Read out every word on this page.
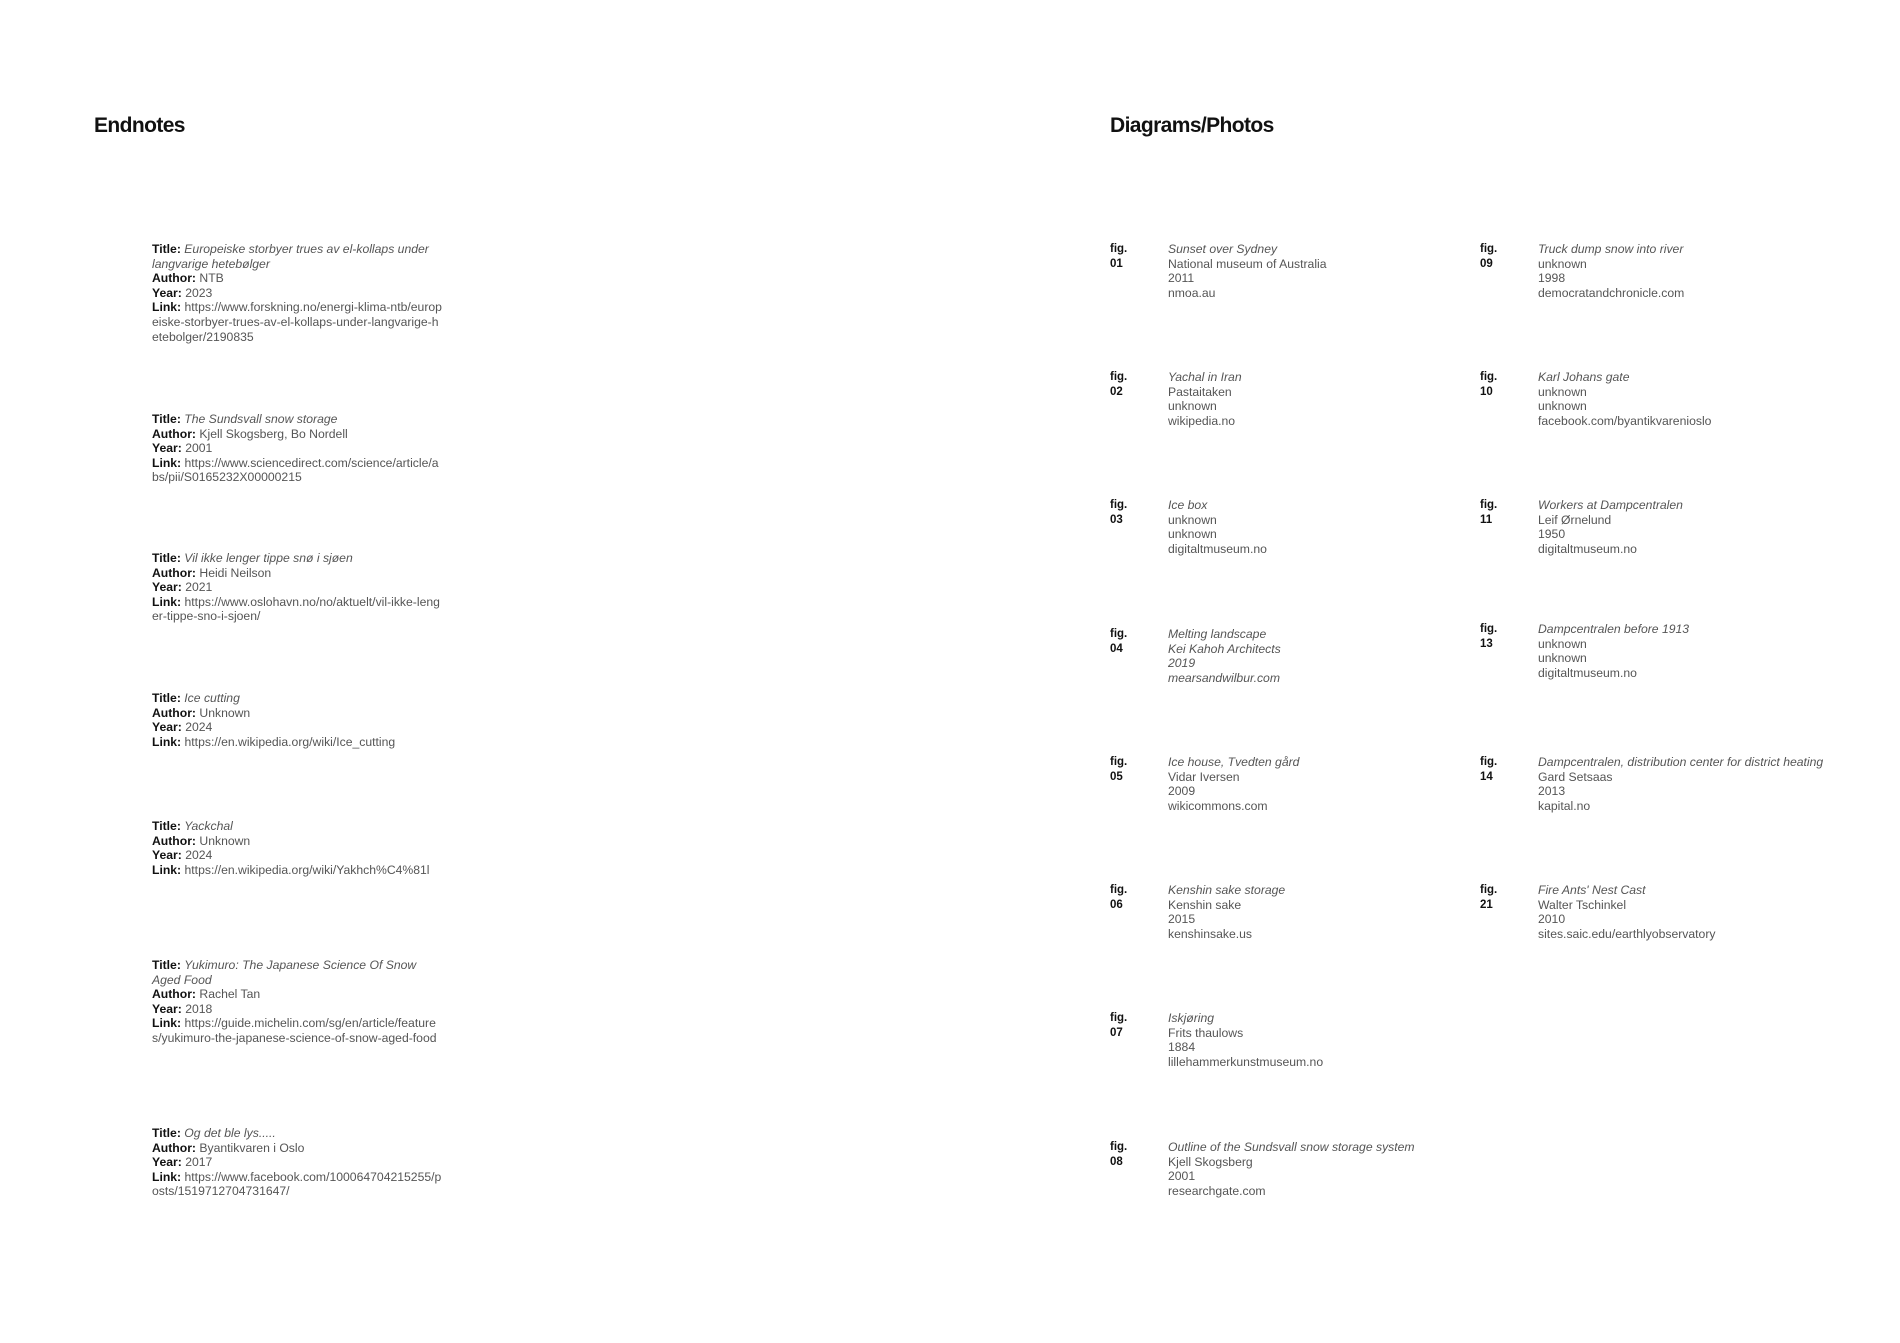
Endnotes	Diagrams/Photos
Title: Europeiske storbyer trues av el-kollaps under langvarige hetebølger
Author: NTB
Year: 2023
Link: https://www.forskning.no/energi-klima-ntb/europeiske-storbyer-trues-av-el-kollaps-under-langvarige-hetebolger/2190835
Title: The Sundsvall snow storage
Author: Kjell Skogsberg, Bo Nordell
Year: 2001
Link: https://www.sciencedirect.com/science/article/abs/pii/S0165232X00000215
Title: Vil ikke lenger tippe snø i sjøen
Author: Heidi Neilson
Year: 2021
Link: https://www.oslohavn.no/no/aktuelt/vil-ikke-lenger-tippe-sno-i-sjoen/
Title: Ice cutting
Author: Unknown
Year: 2024
Link: https://en.wikipedia.org/wiki/Ice_cutting
Title: Yackchal
Author: Unknown
Year: 2024
Link: https://en.wikipedia.org/wiki/Yakhch%C4%81l
Title: Yukimuro: The Japanese Science Of Snow Aged Food
Author: Rachel Tan
Year: 2018
Link: https://guide.michelin.com/sg/en/article/features/yukimuro-the-japanese-science-of-snow-aged-food
Title: Og det ble lys.....
Author: Byantikvaren i Oslo
Year: 2017
Link: https://www.facebook.com/100064704215255/posts/1519712704731647/
fig. 01
Sunset over Sydney
National museum of Australia
2011
nmoa.au
fig. 02
Yachal in Iran
Pastaitaken
unknown
wikipedia.no
fig. 03
Ice box
unknown
unknown
digitaltmuseum.no
fig. 04
Melting landscape
Kei Kahoh Architects
2019
mearsandwilbur.com
fig. 05
Ice house, Tvedten gård
Vidar Iversen
2009
wikicommons.com
fig. 06
Kenshin sake storage
Kenshin sake
2015
kenshinsake.us
fig. 07
Iskjøring
Frits thaulows
1884
lillehammerkunstmuseum.no
fig. 08
Outline of the Sundsvall snow storage system
Kjell Skogsberg
2001
researchgate.com
fig. 09
Truck dump snow into river
unknown
1998
democratandchronicle.com
fig. 10
Karl Johans gate
unknown
unknown
facebook.com/byantikvarenioslo
fig. 11
Workers at Dampcentralen
Leif Ørnelund
1950
digitaltmuseum.no
fig. 13
Dampcentralen before 1913
unknown
unknown
digitaltmuseum.no
fig. 14
Dampcentralen, distribution center for district heating
Gard Setsaas
2013
kapital.no
fig. 21
Fire Ants' Nest Cast
Walter Tschinkel
2010
sites.saic.edu/earthlyobservatory
